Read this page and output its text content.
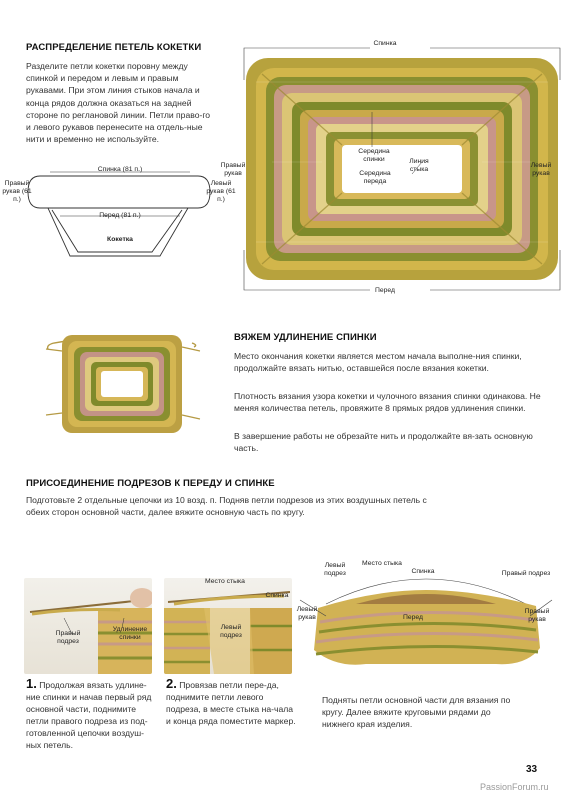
РАСПРЕДЕЛЕНИЕ ПЕТЕЛЬ КОКЕТКИ
Разделите петли кокетки поровну между спинкой и передом и левым и правым рукавами. При этом линия стыков начала и конца рядов должна оказаться на задней стороне по реглановой линии. Петли право-го и левого рукавов перенесите на отдель-ные нити и временно не используйте.
Спинка (81 п.)
Перед (81 п.)
Правый рукав (61 п.)
Левый рукав (61 п.)
Кокетка
Спинка
Перед
Правый рукав
Левый рукав
Середина спинки	Линия стыка
Середина переда
ВЯЖЕМ УДЛИНЕНИЕ СПИНКИ
Место окончания кокетки является местом начала выполне-ния спинки, продолжайте вязать нитью, оставшейся после вязания кокетки.
Плотность вязания узора кокетки и чулочного вязания спинки одинакова. Не меняя количества петель, провяжите 8 прямых рядов удлинения спинки.
В завершение работы не обрезайте нить и продолжайте вя-зать основную часть.
ПРИСОЕДИНЕНИЕ ПОДРЕЗОВ К ПЕРЕДУ И СПИНКЕ
Подготовьте 2 отдельные цепочки из 10 возд. п. Подняв петли подрезов из этих воздушных петель с обеих сторон основной части, далее вяжите основную часть по кругу.
Правый подрез
Удлинение спинки
Место стыка
Спинка
Левый подрез
Левый подрез
Место стыка
Спинка	Правый подрез
Левый рукав	Перед
Правый рукав
1. Продолжая вязать удлине-ние спинки и начав первый ряд основной части, поднимите петли правого подреза из под-готовленной цепочки воздуш-ных петель.
2. Провязав петли пере-да, поднимите петли левого подреза, в месте стыка на-чала и конца ряда поместите маркер.
Подняты петли основной части для вязания по кругу. Далее вяжите круговыми рядами до нижнего края изделия.
33
PassionForum.ru
